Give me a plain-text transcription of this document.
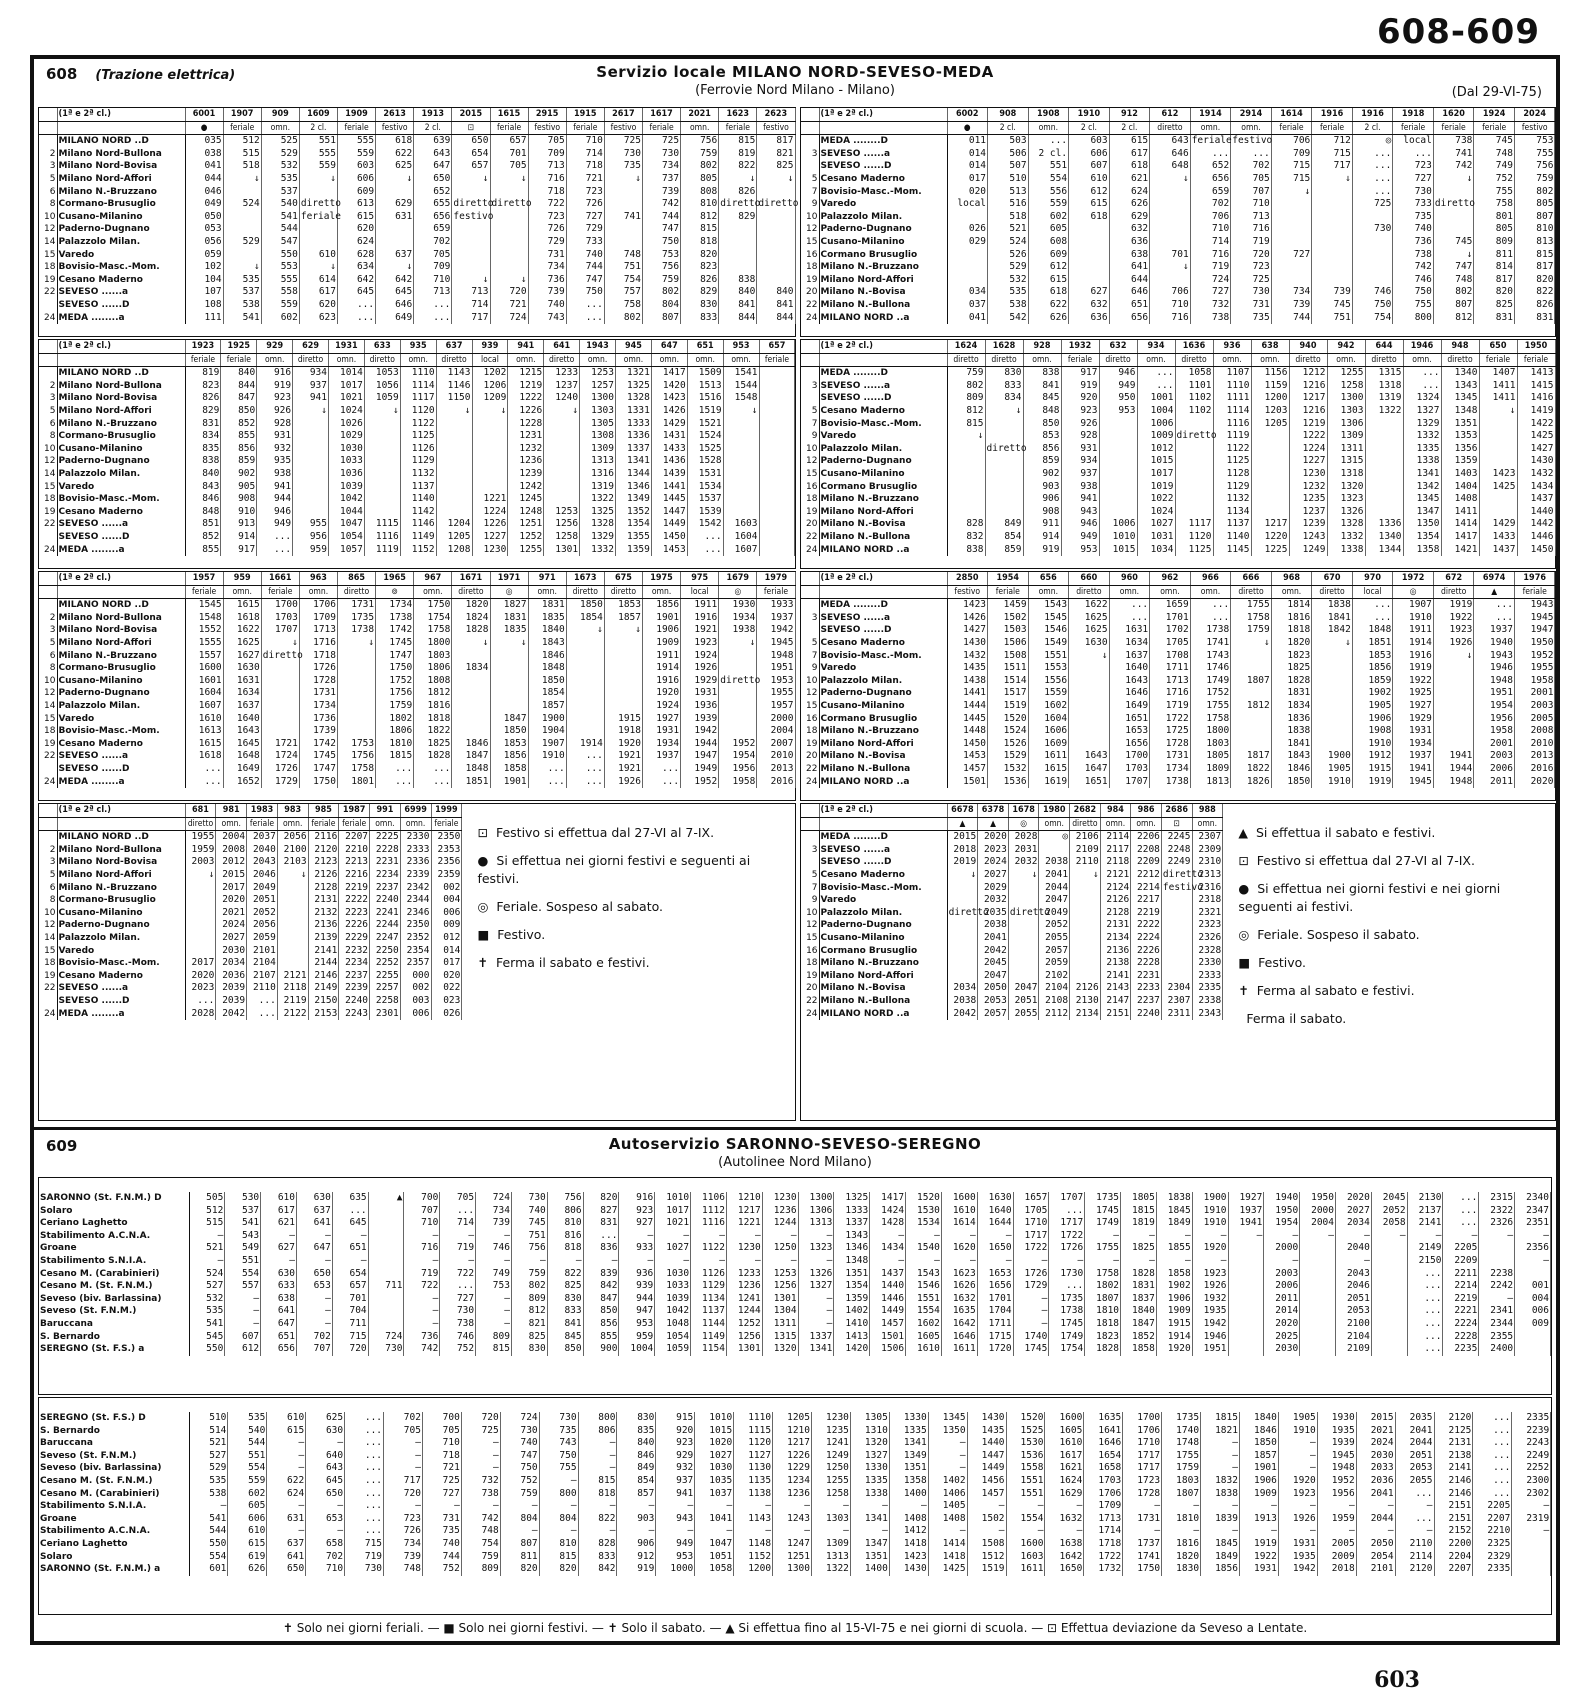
608-609
608 (Trazione elettrica)	Servizio locale MILANO NORD-SEVESO-MEDA
(Ferrovie Nord Milano - Milano)	(Dal 29-VI-75)
	(1ª e 2ª cl.)	6001	1907	909	1609	1909	2613	1913	2015	1615	2915	1915	2617	1617	2021	1623	2623
		●	feriale	omn.	2 cl.	feriale	festivo	2 cl.	⊡	feriale	festivo	feriale	festivo	feriale	omn.	feriale	festivo
	MILANO NORD ..D	035	512	525	551	555	618	639	650	657	705	710	725	725	756	815	817
2	Milano Nord-Bullona	038	515	529	555	559	622	643	654	701	709	714	730	730	759	819	821
3	Milano Nord-Bovisa	041	518	532	559	603	625	647	657	705	713	718	735	734	802	822	825
5	Milano Nord-Affori	044	↓	535	↓	606	↓	650	↓	↓	716	721	↓	737	805	↓	↓
6	Milano N.-Bruzzano	046		537		609		652			718	723		739	808	826	
8	Cormano-Brusuglio	049	524	540	diretto	613	629	655	diretto	diretto	722	726		742	810	diretto	diretto
10	Cusano-Milanino	050		541	feriale	615	631	656	festivo		723	727	741	744	812	829	
12	Paderno-Dugnano	053		544		620		659			726	729		747	815		
14	Palazzolo Milan.	056	529	547		624		702			729	733		750	818		
15	Varedo	059		550	610	628	637	705			731	740	748	753	820		
18	Bovisio-Masc.-Mom.	102	↓	553	↓	634	↓	709			734	744	751	756	823		
19	Cesano Maderno	104	535	555	614	642	642	710	↓	↓	736	747	754	759	826	838	
22	SEVESO ......a	107	537	558	617	645	645	713	713	720	739	750	757	802	829	840	840
	SEVESO ......D	108	538	559	620	...	646	...	714	721	740	...	758	804	830	841	841
24	MEDA ........a	111	541	602	623	...	649	...	717	724	743	...	802	807	833	844	844
	(1ª e 2ª cl.)	1923	1925	929	629	1931	633	935	637	939	941	641	1943	945	647	651	953	657
		feriale	feriale	omn.	diretto	omn.	diretto	omn.	diretto	local	omn.	diretto	omn.	omn.	omn.	omn.	omn.	feriale
	MILANO NORD ..D	819	840	916	934	1014	1053	1110	1143	1202	1215	1233	1253	1321	1417	1509	1541	
2	Milano Nord-Bullona	823	844	919	937	1017	1056	1114	1146	1206	1219	1237	1257	1325	1420	1513	1544	
3	Milano Nord-Bovisa	826	847	923	941	1021	1059	1117	1150	1209	1222	1240	1300	1328	1423	1516	1548	
5	Milano Nord-Affori	829	850	926	↓	1024	↓	1120	↓	↓	1226	↓	1303	1331	1426	1519	↓	
6	Milano N.-Bruzzano	831	852	928		1026		1122			1228		1305	1333	1429	1521		
8	Cormano-Brusuglio	834	855	931		1029		1125			1231		1308	1336	1431	1524		
10	Cusano-Milanino	835	856	932		1030		1126			1232		1309	1337	1433	1525		
12	Paderno-Dugnano	838	859	935		1033		1129			1236		1313	1341	1436	1528		
14	Palazzolo Milan.	840	902	938		1036		1132			1239		1316	1344	1439	1531		
15	Varedo	843	905	941		1039		1137			1242		1319	1346	1441	1534		
18	Bovisio-Masc.-Mom.	846	908	944		1042		1140		1221	1245		1322	1349	1445	1537		
19	Cesano Maderno	848	910	946		1044		1142		1224	1248	1253	1325	1352	1447	1539		
22	SEVESO ......a	851	913	949	955	1047	1115	1146	1204	1226	1251	1256	1328	1354	1449	1542	1603	
	SEVESO ......D	852	914	...	956	1054	1116	1149	1205	1227	1252	1258	1329	1355	1450	...	1604	
24	MEDA ........a	855	917	...	959	1057	1119	1152	1208	1230	1255	1301	1332	1359	1453	...	1607	
	(1ª e 2ª cl.)	1957	959	1661	963	865	1965	967	1671	1971	971	1673	675	1975	975	1679	1979
		feriale	omn.	feriale	omn.	diretto	⊚	omn.	diretto	◎	omn.	diretto	diretto	omn.	local	◎	feriale
	MILANO NORD ..D	1545	1615	1700	1706	1731	1734	1750	1820	1827	1831	1850	1853	1856	1911	1930	1933
2	Milano Nord-Bullona	1548	1618	1703	1709	1735	1738	1754	1824	1831	1835	1854	1857	1901	1916	1934	1937
3	Milano Nord-Bovisa	1552	1622	1707	1713	1738	1742	1758	1828	1835	1840	↓	↓	1906	1921	1938	1942
5	Milano Nord-Affori	1555	1625	↓	1716	↓	1745	1800	↓	↓	1843			1909	1923	↓	1945
6	Milano N.-Bruzzano	1557	1627	diretto	1718		1747	1803			1846			1911	1924		1948
8	Cormano-Brusuglio	1600	1630		1726		1750	1806	1834		1848			1914	1926		1951
10	Cusano-Milanino	1601	1631		1728		1752	1808			1850			1916	1929	diretto	1953
12	Paderno-Dugnano	1604	1634		1731		1756	1812			1854			1920	1931		1955
14	Palazzolo Milan.	1607	1637		1734		1759	1816			1857			1924	1936		1957
15	Varedo	1610	1640		1736		1802	1818		1847	1900		1915	1927	1939		2000
18	Bovisio-Masc.-Mom.	1613	1643		1739		1806	1822		1850	1904		1918	1931	1942		2004
19	Cesano Maderno	1615	1645	1721	1742	1753	1810	1825	1846	1853	1907	1914	1920	1934	1944	1952	2007
22	SEVESO ......a	1618	1648	1724	1745	1756	1815	1828	1847	1856	1910	...	1921	1937	1947	1954	2010
	SEVESO ......D	...	1649	1726	1747	1758	...	...	1848	1858	...	...	1921	...	1949	1956	2013
24	MEDA ........a	...	1652	1729	1750	1801	...	...	1851	1901	...	...	1926	...	1952	1958	2016
	(1ª e 2ª cl.)	681	981	1983	983	985	1987	991	6999	1999
		diretto	omn.	feriale	omn.	feriale	feriale	omn.	omn.	feriale
	MILANO NORD ..D	1955	2004	2037	2056	2116	2207	2225	2330	2350
2	Milano Nord-Bullona	1959	2008	2040	2100	2120	2210	2228	2333	2353
3	Milano Nord-Bovisa	2003	2012	2043	2103	2123	2213	2231	2336	2356
5	Milano Nord-Affori	↓	2015	2046	↓	2126	2216	2234	2339	2359
6	Milano N.-Bruzzano		2017	2049		2128	2219	2237	2342	002
8	Cormano-Brusuglio		2020	2051		2131	2222	2240	2344	004
10	Cusano-Milanino		2021	2052		2132	2223	2241	2346	006
12	Paderno-Dugnano		2024	2056		2136	2226	2244	2350	009
14	Palazzolo Milan.		2027	2059		2139	2229	2247	2352	012
15	Varedo		2030	2101		2141	2232	2250	2354	014
18	Bovisio-Masc.-Mom.	2017	2034	2104		2144	2234	2252	2357	017
19	Cesano Maderno	2020	2036	2107	2121	2146	2237	2255	000	020
22	SEVESO ......a	2023	2039	2110	2118	2149	2239	2257	002	022
	SEVESO ......D	...	2039	...	2119	2150	2240	2258	003	023
24	MEDA ........a	2028	2042	...	2122	2153	2243	2301	006	026
⊡ Festivo si effettua dal 27-VI al 7-IX.
● Si effettua nei giorni festivi e seguenti ai festivi.
◎ Feriale. Sospeso al sabato.
■ Festivo.
✝ Ferma il sabato e festivi.
	(1ª e 2ª cl.)	6002	908	1908	1910	912	612	1914	2914	1614	1916	1916	1918	1620	1924	2024
		●	2 cl.	omn.	2 cl.	2 cl.	diretto	omn.	omn.	feriale	feriale	2 cl.	feriale	feriale	feriale	festivo
	MEDA ........D	011	503	...	603	615	643	feriale	festivo	706	712	◎	local	738	745	753
3	SEVESO ......a	014	506	2 cl.	606	617	646	...	...	709	715	...	...	741	748	755
	SEVESO ......D	014	507	551	607	618	648	652	702	715	717	...	723	742	749	756
5	Cesano Maderno	017	510	554	610	621	↓	656	705	715	↓	...	727	↓	752	759
7	Bovisio-Masc.-Mom.	020	513	556	612	624		659	707	↓		...	730		755	802
9	Varedo	local	516	559	615	626		702	710			725	733	diretto	758	805
10	Palazzolo Milan.		518	602	618	629		706	713				735		801	807
12	Paderno-Dugnano	026	521	605		632		710	716			730	740		805	810
15	Cusano-Milanino	029	524	608		636		714	719				736	745	809	813
16	Cormano Brusuglio		526	609		638	701	716	720	727			738	↓	811	815
18	Milano N.-Bruzzano		529	612		641	↓	719	723				742	747	814	817
19	Milano Nord-Affori		532	615		644		724	725				746	748	817	820
20	Milano N.-Bovisa	034	535	618	627	646	706	727	730	734	739	746	750	802	820	822
22	Milano N.-Bullona	037	538	622	632	651	710	732	731	739	745	750	755	807	825	826
24	MILANO NORD ..a	041	542	626	636	656	716	738	735	744	751	754	800	812	831	831
	(1ª e 2ª cl.)	1624	1628	928	1932	632	934	1636	936	638	940	942	644	1946	948	650	1950
		diretto	diretto	omn.	feriale	diretto	omn.	diretto	omn.	omn.	diretto	omn.	diretto	omn.	diretto	feriale	feriale
	MEDA ........D	759	830	838	917	946	...	1058	1107	1156	1212	1255	1315	...	1340	1407	1413
3	SEVESO ......a	802	833	841	919	949	...	1101	1110	1159	1216	1258	1318	...	1343	1411	1415
	SEVESO ......D	809	834	845	920	950	1001	1102	1111	1200	1217	1300	1319	1324	1345	1411	1416
5	Cesano Maderno	812	↓	848	923	953	1004	1102	1114	1203	1216	1303	1322	1327	1348	↓	1419
7	Bovisio-Masc.-Mom.	815		850	926		1006		1116	1205	1219	1306		1329	1351		1422
9	Varedo	↓		853	928		1009	diretto	1119		1222	1309		1332	1353		1425
10	Palazzolo Milan.		diretto	856	931		1012		1122		1224	1311		1335	1356		1427
12	Paderno-Dugnano			859	934		1015		1125		1227	1315		1338	1359		1430
15	Cusano-Milanino			902	937		1017		1128		1230	1318		1341	1403	1423	1432
16	Cormano Brusuglio			903	938		1019		1129		1232	1320		1342	1404	1425	1434
18	Milano N.-Bruzzano			906	941		1022		1132		1235	1323		1345	1408		1437
19	Milano Nord-Affori			908	943		1024		1134		1237	1326		1347	1411		1440
20	Milano N.-Bovisa	828	849	911	946	1006	1027	1117	1137	1217	1239	1328	1336	1350	1414	1429	1442
22	Milano N.-Bullona	832	854	914	949	1010	1031	1120	1140	1220	1243	1332	1340	1354	1417	1433	1446
24	MILANO NORD ..a	838	859	919	953	1015	1034	1125	1145	1225	1249	1338	1344	1358	1421	1437	1450
	(1ª e 2ª cl.)	2850	1954	656	660	960	962	966	666	968	670	970	1972	672	6974	1976
		festivo	feriale	omn.	diretto	omn.	omn.	omn.	diretto	omn.	diretto	local	◎	diretto	▲	feriale
	MEDA ........D	1423	1459	1543	1622	...	1659	...	1755	1814	1838	...	1907	1919	...	1943
3	SEVESO ......a	1426	1502	1545	1625	...	1701	...	1758	1816	1841	...	1910	1922	...	1945
	SEVESO ......D	1427	1503	1546	1625	1631	1702	1738	1759	1818	1842	1848	1911	1923	1937	1947
5	Cesano Maderno	1430	1506	1549	1630	1634	1705	1741	↓	1820	↓	1851	1914	1926	1940	1950
7	Bovisio-Masc.-Mom.	1432	1508	1551	↓	1637	1708	1743		1823		1853	1916	↓	1943	1952
9	Varedo	1435	1511	1553		1640	1711	1746		1825		1856	1919		1946	1955
10	Palazzolo Milan.	1438	1514	1556		1643	1713	1749	1807	1828		1859	1922		1948	1958
12	Paderno-Dugnano	1441	1517	1559		1646	1716	1752		1831		1902	1925		1951	2001
15	Cusano-Milanino	1444	1519	1602		1649	1719	1755	1812	1834		1905	1927		1954	2003
16	Cormano Brusuglio	1445	1520	1604		1651	1722	1758		1836		1906	1929		1956	2005
18	Milano N.-Bruzzano	1448	1524	1606		1653	1725	1800		1838		1908	1931		1958	2008
19	Milano Nord-Affori	1450	1526	1609		1656	1728	1803		1841		1910	1934		2001	2010
20	Milano N.-Bovisa	1453	1529	1611	1643	1700	1731	1805	1817	1843	1900	1912	1937	1941	2003	2013
22	Milano N.-Bullona	1457	1532	1615	1647	1703	1734	1809	1822	1846	1905	1915	1941	1944	2006	2016
24	MILANO NORD ..a	1501	1536	1619	1651	1707	1738	1813	1826	1850	1910	1919	1945	1948	2011	2020
	(1ª e 2ª cl.)	6678	6378	1678	1980	2682	984	986	2686	988
		▲	▲	◎	omn.	diretto	omn.	omn.	⊡	omn.
	MEDA ........D	2015	2020	2028	◎	2106	2114	2206	2245	2307
3	SEVESO ......a	2018	2023	2031		2109	2117	2208	2248	2309
	SEVESO ......D	2019	2024	2032	2038	2110	2118	2209	2249	2310
5	Cesano Maderno	↓	2027	↓	2041	↓	2121	2212	diretto	2313
7	Bovisio-Masc.-Mom.		2029		2044		2124	2214	festivo	2316
9	Varedo		2032		2047		2126	2217		2318
10	Palazzolo Milan.	diretto	2035	diretto	2049		2128	2219		2321
12	Paderno-Dugnano		2038		2052		2131	2222		2323
15	Cusano-Milanino		2041		2055		2134	2224		2326
16	Cormano Brusuglio		2042		2057		2136	2226		2328
18	Milano N.-Bruzzano		2045		2059		2138	2228		2330
19	Milano Nord-Affori		2047		2102		2141	2231		2333
20	Milano N.-Bovisa	2034	2050	2047	2104	2126	2143	2233	2304	2335
22	Milano N.-Bullona	2038	2053	2051	2108	2130	2147	2237	2307	2338
24	MILANO NORD ..a	2042	2057	2055	2112	2134	2151	2240	2311	2343
▲ Si effettua il sabato e festivi.
⊡ Festivo si effettua dal 27-VI al 7-IX.
● Si effettua nei giorni festivi e nei giorni seguenti ai festivi.
◎ Feriale. Sospeso il sabato.
■ Festivo.
✝ Ferma al sabato e festivi.
Ferma il sabato.
609	Autoservizio SARONNO-SEVESO-SEREGNO
(Autolinee Nord Milano)
SARONNO (St. F.N.M.) D	505	530	610	630	635	▲	700	705	724	730	756	820	916	1010	1106	1210	1230	1300	1325	1417	1520	1600	1630	1657	1707	1735	1805	1838	1900	1927	1940	1950	2020	2045	2130	...	2315	2340
Solaro	512	537	617	637	...		707	...	734	740	806	827	923	1017	1112	1217	1236	1306	1333	1424	1530	1610	1640	1705	...	1745	1815	1845	1910	1937	1950	2000	2027	2052	2137	...	2322	2347
Ceriano Laghetto	515	541	621	641	645		710	714	739	745	810	831	927	1021	1116	1221	1244	1313	1337	1428	1534	1614	1644	1710	1717	1749	1819	1849	1910	1941	1954	2004	2034	2058	2141	...	2326	2351
Stabilimento A.C.N.A.	—	543	—	—	—		—	—	—	751	816	...	—	—	—	—	—	—	1343	—	—	—	—	1717	1722	—	—	—	—	—	—	—	—	—	—	—	—	—
Groane	521	549	627	647	651		716	719	746	756	818	836	933	1027	1122	1230	1250	1323	1346	1434	1540	1620	1650	1722	1726	1755	1825	1855	1920		2000		2040		2149	2205		2356
Stabilimento S.N.I.A.	—	551	—	—	—		—	—	—	—	—	—	—	—	—	—	—	—	1348	—	—	—	—	—	—	—	—	—	—		—		—		2150	2209		—
Cesano M. (Carabinieri)	524	554	630	650	654		719	722	749	759	822	839	936	1030	1126	1233	1253	1326	1351	1437	1543	1623	1653	1726	1730	1758	1828	1858	1923		2003		2043		...	2211	2238	
Cesano M. (St. F.N.M.)	527	557	633	653	657	711	722	...	753	802	825	842	939	1033	1129	1236	1256	1327	1354	1440	1546	1626	1656	1729	...	1802	1831	1902	1926		2006		2046		...	2214	2242	001
Seveso (biv. Barlassina)	532	—	638	—	701		—	727	—	809	830	847	944	1039	1134	1241	1301	—	1359	1446	1551	1632	1701	—	1735	1807	1837	1906	1932		2011		2051		...	2219	—	004
Seveso (St. F.N.M.)	535	—	641	—	704		—	730	—	812	833	850	947	1042	1137	1244	1304	—	1402	1449	1554	1635	1704	—	1738	1810	1840	1909	1935		2014		2053		...	2221	2341	006
Baruccana	541	—	647	—	711		—	738	—	821	841	856	953	1048	1144	1252	1311	—	1410	1457	1602	1642	1711	—	1745	1818	1847	1915	1942		2020		2100		...	2224	2344	009
S. Bernardo	545	607	651	702	715	724	736	746	809	825	845	855	959	1054	1149	1256	1315	1337	1413	1501	1605	1646	1715	1740	1749	1823	1852	1914	1946		2025		2104		...	2228	2355	
SEREGNO (St. F.S.) a	550	612	656	707	720	730	742	752	815	830	850	900	1004	1059	1154	1301	1320	1341	1420	1506	1610	1611	1720	1745	1754	1828	1858	1920	1951		2030		2109		...	2235	2400	
SEREGNO (St. F.S.) D	510	535	610	625	...	702	700	720	724	730	800	830	915	1010	1110	1205	1230	1305	1330	1345	1430	1520	1600	1635	1700	1735	1815	1840	1905	1930	2015	2035	2120	...	2335
S. Bernardo	514	540	615	630	...	705	705	725	730	735	806	835	920	1015	1115	1210	1235	1310	1335	1350	1435	1525	1605	1641	1706	1740	1821	1846	1910	1935	2021	2041	2125	...	2239
Baruccana	521	544	—	—	...	—	710	—	740	743	—	840	923	1020	1120	1217	1241	1320	1341	—	1440	1530	1610	1646	1710	1748	—	1850	—	1939	2024	2044	2131	...	2243
Seveso (St. F.N.M.)	527	551	—	640	...	—	718	—	747	750	—	846	929	1027	1127	1226	1249	1327	1349	—	1447	1536	1617	1654	1717	1755	—	1857	—	1945	2030	2051	2138	...	2249
Seveso (biv. Barlassina)	529	554	—	643	...	—	721	—	750	755	—	849	932	1030	1130	1229	1250	1330	1351	—	1449	1558	1621	1658	1717	1759	—	1901	—	1948	2033	2053	2141	...	2252
Cesano M. (St. F.N.M.)	535	559	622	645	...	717	725	732	752	—	815	854	937	1035	1135	1234	1255	1335	1358	1402	1456	1551	1624	1703	1723	1803	1832	1906	1920	1952	2036	2055	2146	...	2300
Cesano M. (Carabinieri)	538	602	624	650	...	720	727	738	759	800	818	857	941	1037	1138	1236	1258	1338	1400	1406	1457	1551	1629	1706	1728	1807	1838	1909	1923	1956	2041	...	2146	...	2302
Stabilimento S.N.I.A.	—	605	—	—	...	—	—	—	—	—	—	—	—	—	—	—	—	—	—	1405	—	—	—	1709	—	—	—	—	—	—	—	—	2151	2205	—
Groane	541	606	631	653	...	723	731	742	804	804	822	903	943	1041	1143	1243	1303	1341	1408	1408	1502	1554	1632	1713	1731	1810	1839	1913	1926	1959	2044	...	2151	2207	2319
Stabilimento A.C.N.A.	544	610	—	—	...	726	735	748	—	—	—	—	—	—	—	—	—	—	1412	—	—	—	—	1714	—	—	—	—	—	—	—	—	2152	2210	—
Ceriano Laghetto	550	615	637	658	715	734	740	754	807	810	828	906	949	1047	1148	1247	1309	1347	1418	1414	1508	1600	1638	1718	1737	1816	1845	1919	1931	2005	2050	2110	2200	2325	
Solaro	554	619	641	702	719	739	744	759	811	815	833	912	953	1051	1152	1251	1313	1351	1423	1418	1512	1603	1642	1722	1741	1820	1849	1922	1935	2009	2054	2114	2204	2329	
SARONNO (St. F.N.M.) a	601	626	650	710	730	748	752	809	820	820	842	919	1000	1058	1200	1300	1322	1400	1430	1425	1519	1611	1650	1732	1750	1830	1856	1931	1942	2018	2101	2120	2207	2335	
✝ Solo nei giorni feriali. — ■ Solo nei giorni festivi. — ✝ Solo il sabato. — ▲ Si effettua fino al 15-VI-75 e nei giorni di scuola. — ⊡ Effettua deviazione da Seveso a Lentate.
603
